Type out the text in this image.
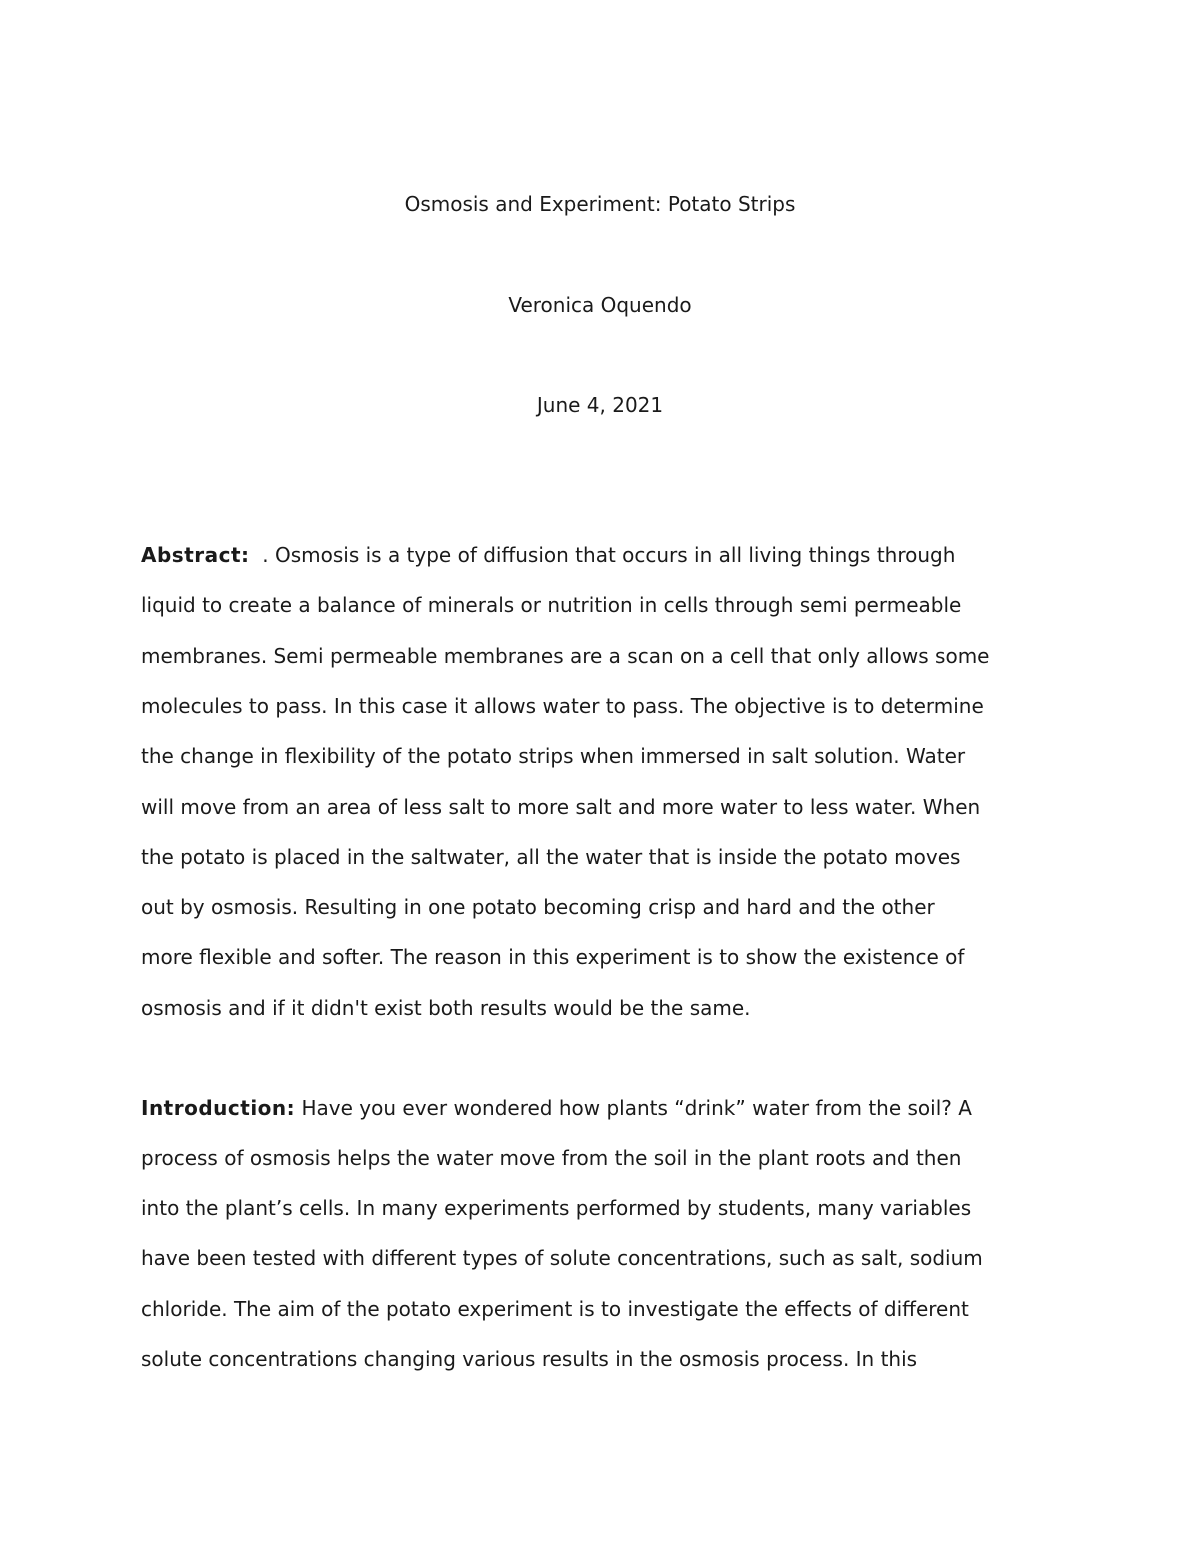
Osmosis and Experiment: Potato Strips
Veronica Oquendo
June 4, 2021
Abstract:  . Osmosis is a type of diffusion that occurs in all living things through
liquid to create a balance of minerals or nutrition in cells through semi permeable
membranes. Semi permeable membranes are a scan on a cell that only allows some
molecules to pass. In this case it allows water to pass. The objective is to determine
the change in flexibility of the potato strips when immersed in salt solution. Water
will move from an area of less salt to more salt and more water to less water. When
the potato is placed in the saltwater, all the water that is inside the potato moves
out by osmosis. Resulting in one potato becoming crisp and hard and the other
more flexible and softer. The reason in this experiment is to show the existence of
osmosis and if it didn't exist both results would be the same.
Introduction: Have you ever wondered how plants “drink” water from the soil? A
process of osmosis helps the water move from the soil in the plant roots and then
into the plant’s cells. In many experiments performed by students, many variables
have been tested with different types of solute concentrations, such as salt, sodium
chloride. The aim of the potato experiment is to investigate the effects of different
solute concentrations changing various results in the osmosis process. In this
